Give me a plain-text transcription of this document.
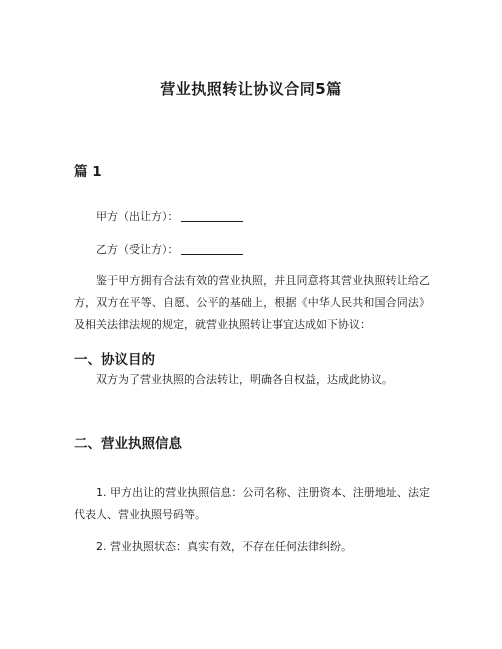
营业执照转让协议合同5篇
篇 1

甲方（出让方）：

乙方（受让方）：

鉴于甲方拥有合法有效的营业执照，并且同意将其营业执照转让给乙方，双方在平等、自愿、公平的基础上，根据《中华人民共和国合同法》及相关法律法规的规定，就营业执照转让事宜达成如下协议：

一、协议目的

双方为了营业执照的合法转让，明确各自权益，达成此协议。

二、营业执照信息

1. 甲方出让的营业执照信息：公司名称、注册资本、注册地址、法定代表人、营业执照号码等。

2. 营业执照状态：真实有效，不存在任何法律纠纷。
